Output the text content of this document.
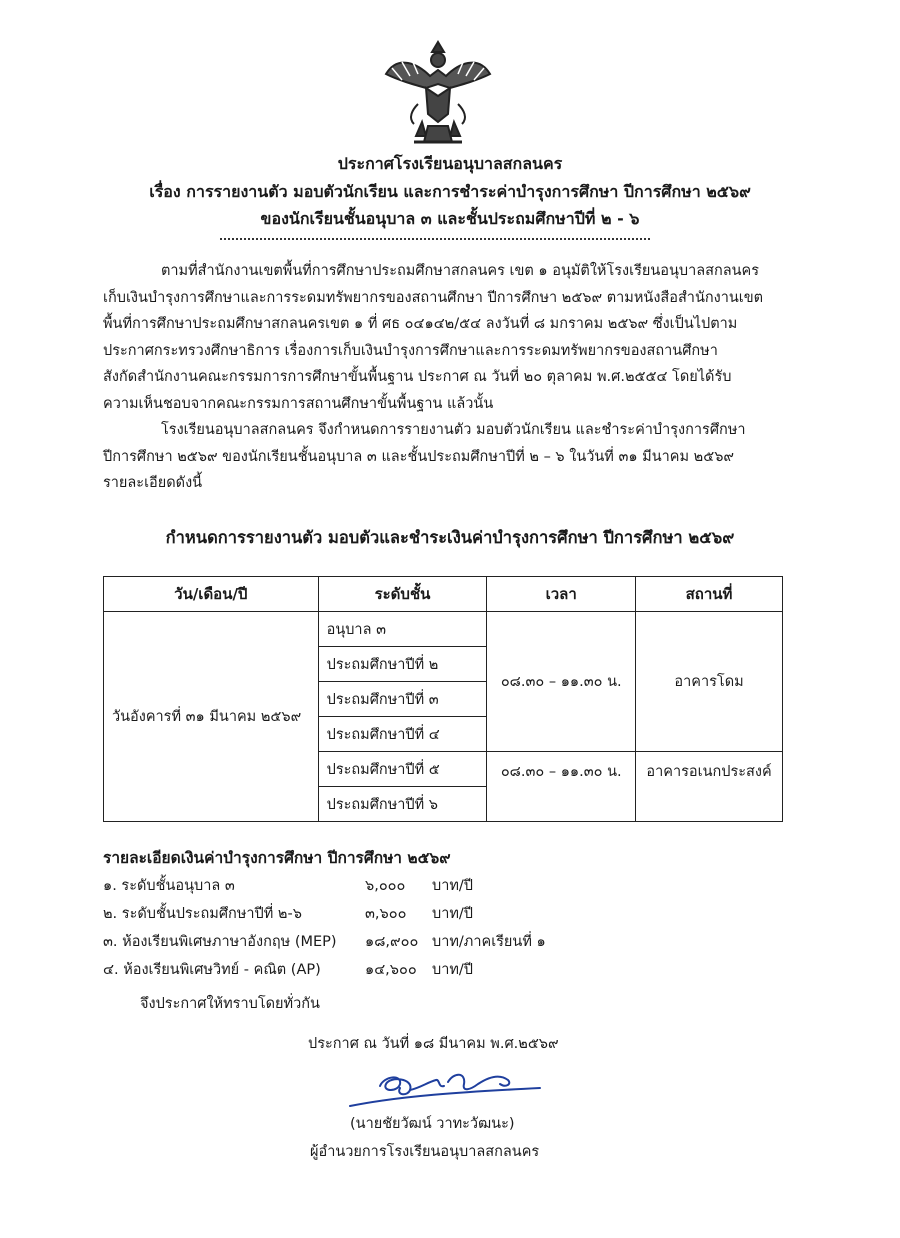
ประกาศโรงเรียนอนุบาลสกลนคร
เรื่อง การรายงานตัว มอบตัวนักเรียน และการชำระค่าบำรุงการศึกษา ปีการศึกษา ๒๕๖๙
ของนักเรียนชั้นอนุบาล ๓ และชั้นประถมศึกษาปีที่ ๒ - ๖
ตามที่สำนักงานเขตพื้นที่การศึกษาประถมศึกษาสกลนคร เขต ๑ อนุมัติให้โรงเรียนอนุบาลสกลนคร
เก็บเงินบำรุงการศึกษาและการระดมทรัพยากรของสถานศึกษา ปีการศึกษา ๒๕๖๙ ตามหนังสือสำนักงานเขต
พื้นที่การศึกษาประถมศึกษาสกลนครเขต ๑ ที่ ศธ ๐๔๑๔๒/๕๔ ลงวันที่ ๘ มกราคม ๒๕๖๙ ซึ่งเป็นไปตาม
ประกาศกระทรวงศึกษาธิการ เรื่องการเก็บเงินบำรุงการศึกษาและการระดมทรัพยากรของสถานศึกษา
สังกัดสำนักงานคณะกรรมการการศึกษาขั้นพื้นฐาน ประกาศ ณ วันที่ ๒๐ ตุลาคม พ.ศ.๒๕๕๔ โดยได้รับ
ความเห็นชอบจากคณะกรรมการสถานศึกษาขั้นพื้นฐาน แล้วนั้น
โรงเรียนอนุบาลสกลนคร จึงกำหนดการรายงานตัว มอบตัวนักเรียน และชำระค่าบำรุงการศึกษา
ปีการศึกษา ๒๕๖๙ ของนักเรียนชั้นอนุบาล ๓ และชั้นประถมศึกษาปีที่ ๒ – ๖ ในวันที่ ๓๑ มีนาคม ๒๕๖๙
รายละเอียดดังนี้
กำหนดการรายงานตัว มอบตัวและชำระเงินค่าบำรุงการศึกษา ปีการศึกษา ๒๕๖๙
วัน/เดือน/ปี	ระดับชั้น	เวลา	สถานที่
วันอังคารที่ ๓๑ มีนาคม ๒๕๖๙	อนุบาล ๓	๐๘.๓๐ – ๑๑.๓๐ น.	อาคารโดม
	ประถมศึกษาปีที่ ๒		
	ประถมศึกษาปีที่ ๓		
	ประถมศึกษาปีที่ ๔		
	ประถมศึกษาปีที่ ๕	๐๘.๓๐ – ๑๑.๓๐ น.	อาคารอเนกประสงค์
	ประถมศึกษาปีที่ ๖		
รายละเอียดเงินค่าบำรุงการศึกษา ปีการศึกษา ๒๕๖๙
๑. ระดับชั้นอนุบาล ๓	๖,๐๐๐ บาท/ปี
๒. ระดับชั้นประถมศึกษาปีที่ ๒-๖	๓,๖๐๐ บาท/ปี
๓. ห้องเรียนพิเศษภาษาอังกฤษ (MEP) ๑๘,๙๐๐ บาท/ภาคเรียนที่ ๑
๔. ห้องเรียนพิเศษวิทย์ - คณิต (AP)	๑๔,๖๐๐ บาท/ปี
จึงประกาศให้ทราบโดยทั่วกัน
ประกาศ ณ วันที่ ๑๘ มีนาคม พ.ศ.๒๕๖๙
(นายชัยวัฒน์ วาทะวัฒนะ)
ผู้อำนวยการโรงเรียนอนุบาลสกลนคร
